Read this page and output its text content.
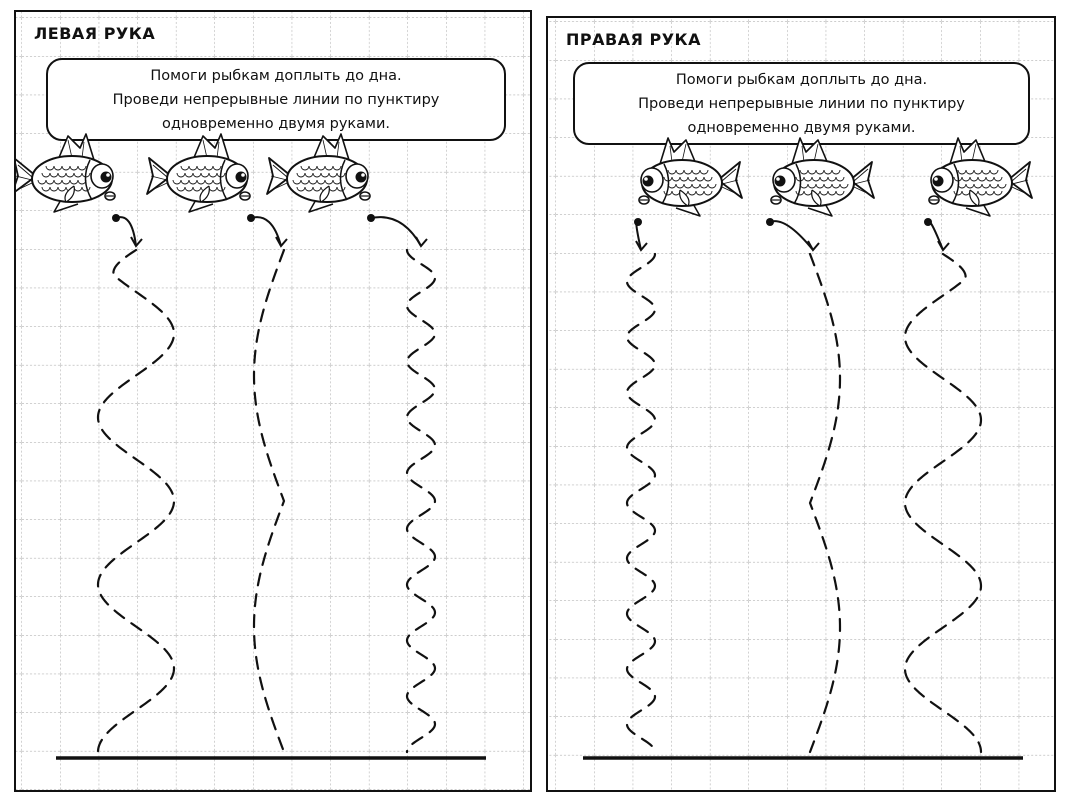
ЛЕВАЯ РУКА
Помоги рыбкам доплыть до дна.
Проведи непрерывные линии по пунктиру
одновременно двумя руками.
ПРАВАЯ РУКА
Помоги рыбкам доплыть до дна.
Проведи непрерывные линии по пунктиру
одновременно двумя руками.
